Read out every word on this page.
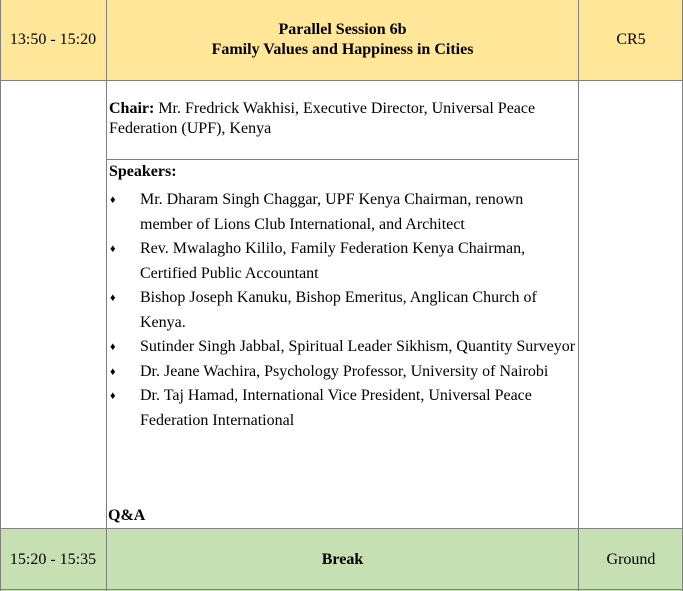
13:50 - 15:20
Parallel Session 6b
Family Values and Happiness in Cities
CR5
Chair: Mr. Fredrick Wakhisi, Executive Director, Universal Peace Federation (UPF), Kenya
Speakers:
♦ Mr. Dharam Singh Chaggar, UPF Kenya Chairman, renown member of Lions Club International, and Architect
♦ Rev. Mwalagho Kililo, Family Federation Kenya Chairman, Certified Public Accountant
♦ Bishop Joseph Kanuku, Bishop Emeritus, Anglican Church of Kenya.
♦ Sutinder Singh Jabbal, Spiritual Leader Sikhism, Quantity Surveyor
♦ Dr. Jeane Wachira, Psychology Professor, University of Nairobi
♦ Dr. Taj Hamad, International Vice President, Universal Peace Federation International
Q&A
15:20 - 15:35	Break	Ground
